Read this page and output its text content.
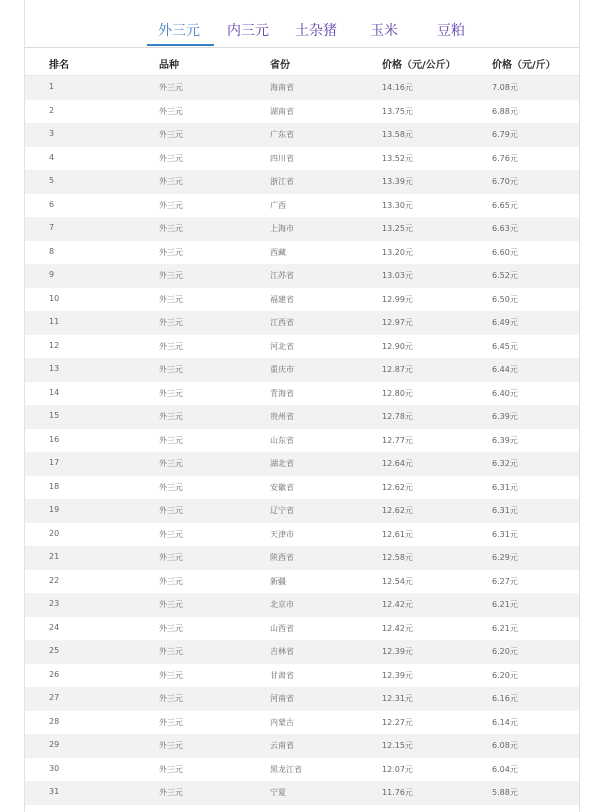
外三元 内三元 土杂猪 玉米	豆粕
排名	品种	省份	价格（元/公斤）	价格（元/斤）
1	外三元	海南省	14.16元	7.08元
2	外三元	湖南省	13.75元	6.88元
3	外三元	广东省	13.58元	6.79元
4	外三元	四川省	13.52元	6.76元
5	外三元	浙江省	13.39元	6.70元
6	外三元	广西	13.30元	6.65元
7	外三元	上海市	13.25元	6.63元
8	外三元	西藏	13.20元	6.60元
9	外三元	江苏省	13.03元	6.52元
10	外三元	福建省	12.99元	6.50元
11	外三元	江西省	12.97元	6.49元
12	外三元	河北省	12.90元	6.45元
13	外三元	重庆市	12.87元	6.44元
14	外三元	青海省	12.80元	6.40元
15	外三元	贵州省	12.78元	6.39元
16	外三元	山东省	12.77元	6.39元
17	外三元	湖北省	12.64元	6.32元
18	外三元	安徽省	12.62元	6.31元
19	外三元	辽宁省	12.62元	6.31元
20	外三元	天津市	12.61元	6.31元
21	外三元	陕西省	12.58元	6.29元
22	外三元	新疆	12.54元	6.27元
23	外三元	北京市	12.42元	6.21元
24	外三元	山西省	12.42元	6.21元
25	外三元	吉林省	12.39元	6.20元
26	外三元	甘肃省	12.39元	6.20元
27	外三元	河南省	12.31元	6.16元
28	外三元	内蒙古	12.27元	6.14元
29	外三元	云南省	12.15元	6.08元
30	外三元	黑龙江省	12.07元	6.04元
31	外三元	宁夏	11.76元	5.88元
